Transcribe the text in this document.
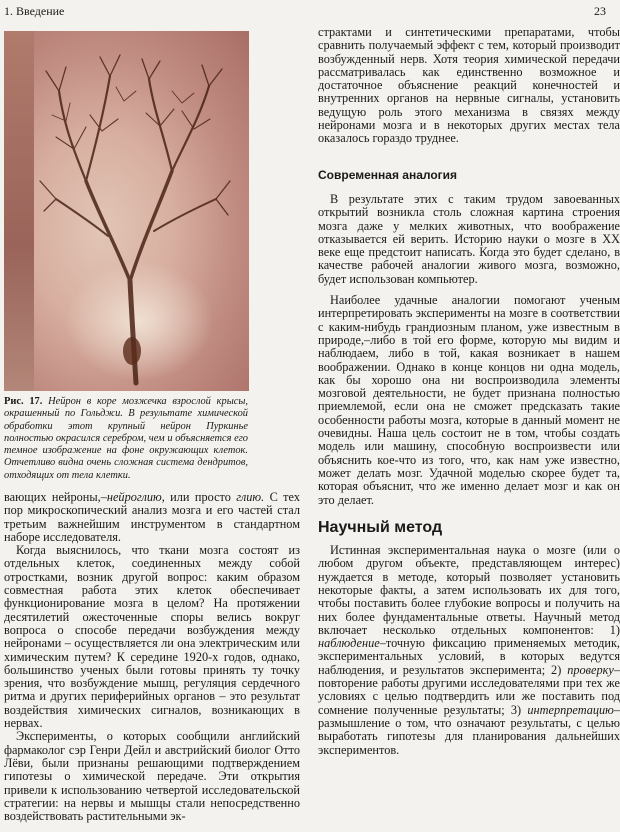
1. Введение	23
Рис. 17. Нейрон в коре мозжечка взрослой крысы, окрашенный по Гольджи. В результате химической обработки этот крупный нейрон Пуркинье полностью окрасился серебром, чем и объясняется его темное изображение на фоне окружающих клеток. Отчетливо видна очень сложная система дендритов, отходящих от тела клетки.

вающих нейроны,–нейроглию, или просто глию. С тех пор микроскопический анализ мозга и его частей стал третьим важнейшим инструментом в стандартном наборе исследователя.

Когда выяснилось, что ткани мозга состоят из отдельных клеток, соединенных между собой отростками, возник другой вопрос: каким образом совместная работа этих клеток обеспечивает функционирование мозга в целом? На протяжении десятилетий ожесточенные споры велись вокруг вопроса о способе передачи возбуждения между нейронами – осуществляется ли она электрическим или химическим путем? К середине 1920-х годов, однако, большинство ученых были готовы принять ту точку зрения, что возбуждение мышц, регуляция сердечного ритма и других периферийных органов – это результат воздействия химических сигналов, возникающих в нервах.

Эксперименты, о которых сообщили английский фармаколог сэр Генри Дейл и австрийский биолог Отто Лёви, были признаны решающими подтверждением гипотезы о химической передаче. Эти открытия привели к использованию четвертой исследовательской стратегии: на нервы и мышцы стали непосредственно воздействовать растительными эк-

страктами и синтетическими препаратами, чтобы сравнить получаемый эффект с тем, который производит возбужденный нерв. Хотя теория химической передачи рассматривалась как единственно возможное и достаточное объяснение реакций конечностей и внутренних органов на нервные сигналы, установить ведущую роль этого механизма в связях между нейронами мозга и в некоторых других местах тела оказалось гораздо труднее.

Современная аналогия

В результате этих с таким трудом завоеванных открытий возникла столь сложная картина строения мозга даже у мелких животных, что воображение отказывается ей верить. Историю науки о мозге в XX веке еще предстоит написать. Когда это будет сделано, в качестве рабочей аналогии живого мозга, возможно, будет использован компьютер.

Наиболее удачные аналогии помогают ученым интерпретировать эксперименты на мозге в соответствии с каким-нибудь грандиозным планом, уже известным в природе,–либо в той его форме, которую мы видим и наблюдаем, либо в той, какая возникает в нашем воображении. Однако в конце концов ни одна модель, как бы хорошо она ни воспроизводила элементы мозговой деятельности, не будет признана полностью приемлемой, если она не сможет предсказать такие особенности работы мозга, которые в данный момент не очевидны. Наша цель состоит не в том, чтобы создать модель или машину, способную воспроизвести или объяснить кое-что из того, что, как нам уже известно, может делать мозг. Удачной моделью скорее будет та, которая объяснит, что́ же именно делает мозг и как он это делает.

Научный метод

Истинная экспериментальная наука о мозге (или о любом другом объекте, представляющем интерес) нуждается в методе, который позволяет установить некоторые факты, а затем использовать их для того, чтобы поставить более глубокие вопросы и получить на них более фундаментальные ответы. Научный метод включает несколько отдельных компонентов: 1) наблюдение–точную фиксацию применяемых методик, экспериментальных условий, в которых ведутся наблюдения, и результатов эксперимента; 2) проверку–повторение работы другими исследователями при тех же условиях с целью подтвердить или же поставить под сомнение полученные результаты; 3) интерпретацию–размышление о том, что́ означают результаты, с целью выработать гипотезы для планирования дальнейших экспериментов.
